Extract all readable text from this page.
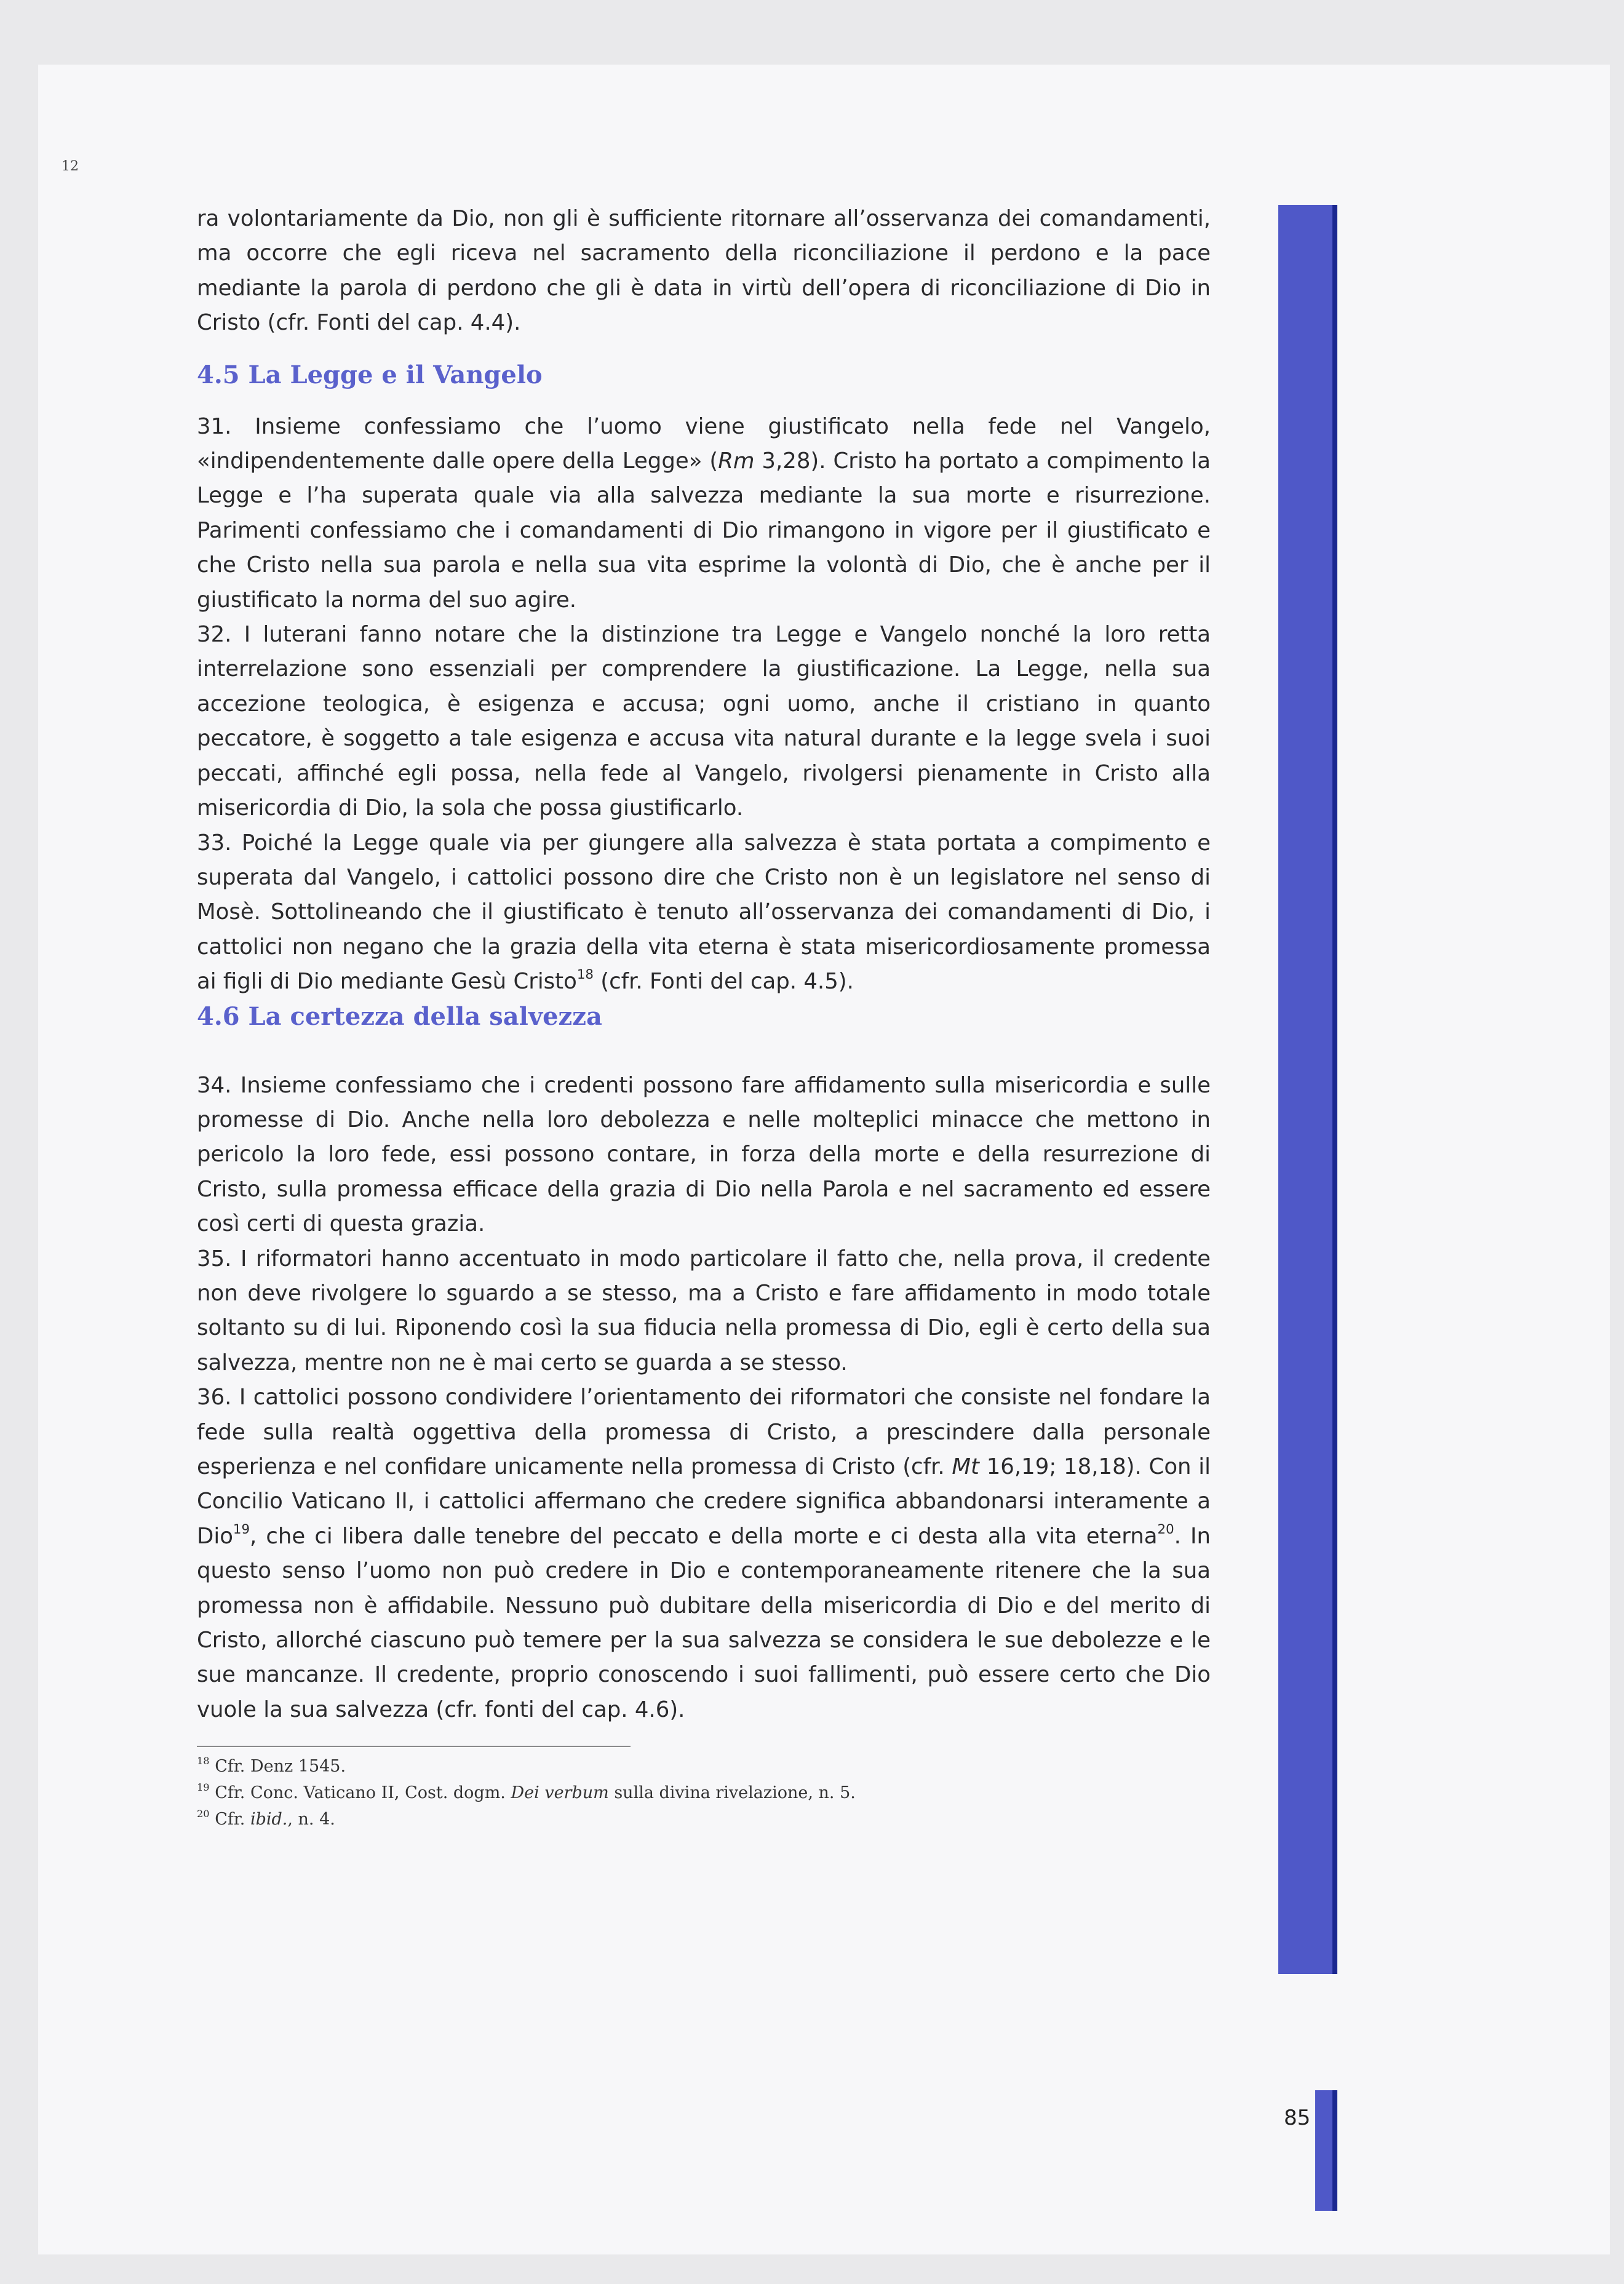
12
85

ra volontariamente da Dio, non gli è sufficiente ritornare all’osservanza dei comandamenti, ma occorre che egli riceva nel sacramento della riconciliazione il perdono e la pace mediante la parola di perdono che gli è data in virtù dell’opera di riconciliazione di Dio in Cristo (cfr. Fonti del cap. 4.4).

4.5 La Legge e il Vangelo

31. Insieme confessiamo che l’uomo viene giustificato nella fede nel Vangelo, «indipendentemente dalle opere della Legge» (Rm 3,28). Cristo ha portato a compimento la Legge e l’ha superata quale via alla salvezza mediante la sua morte e risurrezione. Parimenti confessiamo che i comandamenti di Dio rimangono in vigore per il giustificato e che Cristo nella sua parola e nella sua vita esprime la volontà di Dio, che è anche per il giustificato la norma del suo agire.

32. I luterani fanno notare che la distinzione tra Legge e Vangelo nonché la loro retta interrelazione sono essenziali per comprendere la giustificazione. La Legge, nella sua accezione teologica, è esigenza e accusa; ogni uomo, anche il cristiano in quanto peccatore, è soggetto a tale esigenza e accusa vita natural durante e la legge svela i suoi peccati, affinché egli possa, nella fede al Vangelo, rivolgersi pienamente in Cristo alla misericordia di Dio, la sola che possa giustificarlo.

33. Poiché la Legge quale via per giungere alla salvezza è stata portata a compimento e superata dal Vangelo, i cattolici possono dire che Cristo non è un legislatore nel senso di Mosè. Sottolineando che il giustificato è tenuto all’osservanza dei comandamenti di Dio, i cattolici non negano che la grazia della vita eterna è stata misericordiosamente promessa ai figli di Dio mediante Gesù Cristo$^{18}$ (cfr. Fonti del cap. 4.5).

4.6 La certezza della salvezza

34. Insieme confessiamo che i credenti possono fare affidamento sulla misericordia e sulle promesse di Dio. Anche nella loro debolezza e nelle molteplici minacce che mettono in pericolo la loro fede, essi possono contare, in forza della morte e della resurrezione di Cristo, sulla promessa efficace della grazia di Dio nella Parola e nel sacramento ed essere così certi di questa grazia.

35. I riformatori hanno accentuato in modo particolare il fatto che, nella prova, il credente non deve rivolgere lo sguardo a se stesso, ma a Cristo e fare affidamento in modo totale soltanto su di lui. Riponendo così la sua fiducia nella promessa di Dio, egli è certo della sua salvezza, mentre non ne è mai certo se guarda a se stesso.

36. I cattolici possono condividere l’orientamento dei riformatori che consiste nel fondare la fede sulla realtà oggettiva della promessa di Cristo, a prescindere dalla personale esperienza e nel confidare unicamente nella promessa di Cristo (cfr. Mt 16,19; 18,18). Con il Concilio Vaticano II, i cattolici affermano che credere significa abbandonarsi interamente a Dio$^{19}$, che ci libera dalle tenebre del peccato e della morte e ci desta alla vita eterna$^{20}$. In questo senso l’uomo non può credere in Dio e contemporaneamente ritenere che la sua promessa non è affidabile. Nessuno può dubitare della misericordia di Dio e del merito di Cristo, allorché ciascuno può temere per la sua salvezza se considera le sue debolezze e le sue mancanze. Il credente, proprio conoscendo i suoi fallimenti, può essere certo che Dio vuole la sua salvezza (cfr. fonti del cap. 4.6).

$^{18}$ Cfr. Denz 1545.
$^{19}$ Cfr. Conc. Vaticano II, Cost. dogm. Dei verbum sulla divina rivelazione, n. 5.
$^{20}$ Cfr. ibid., n. 4.
